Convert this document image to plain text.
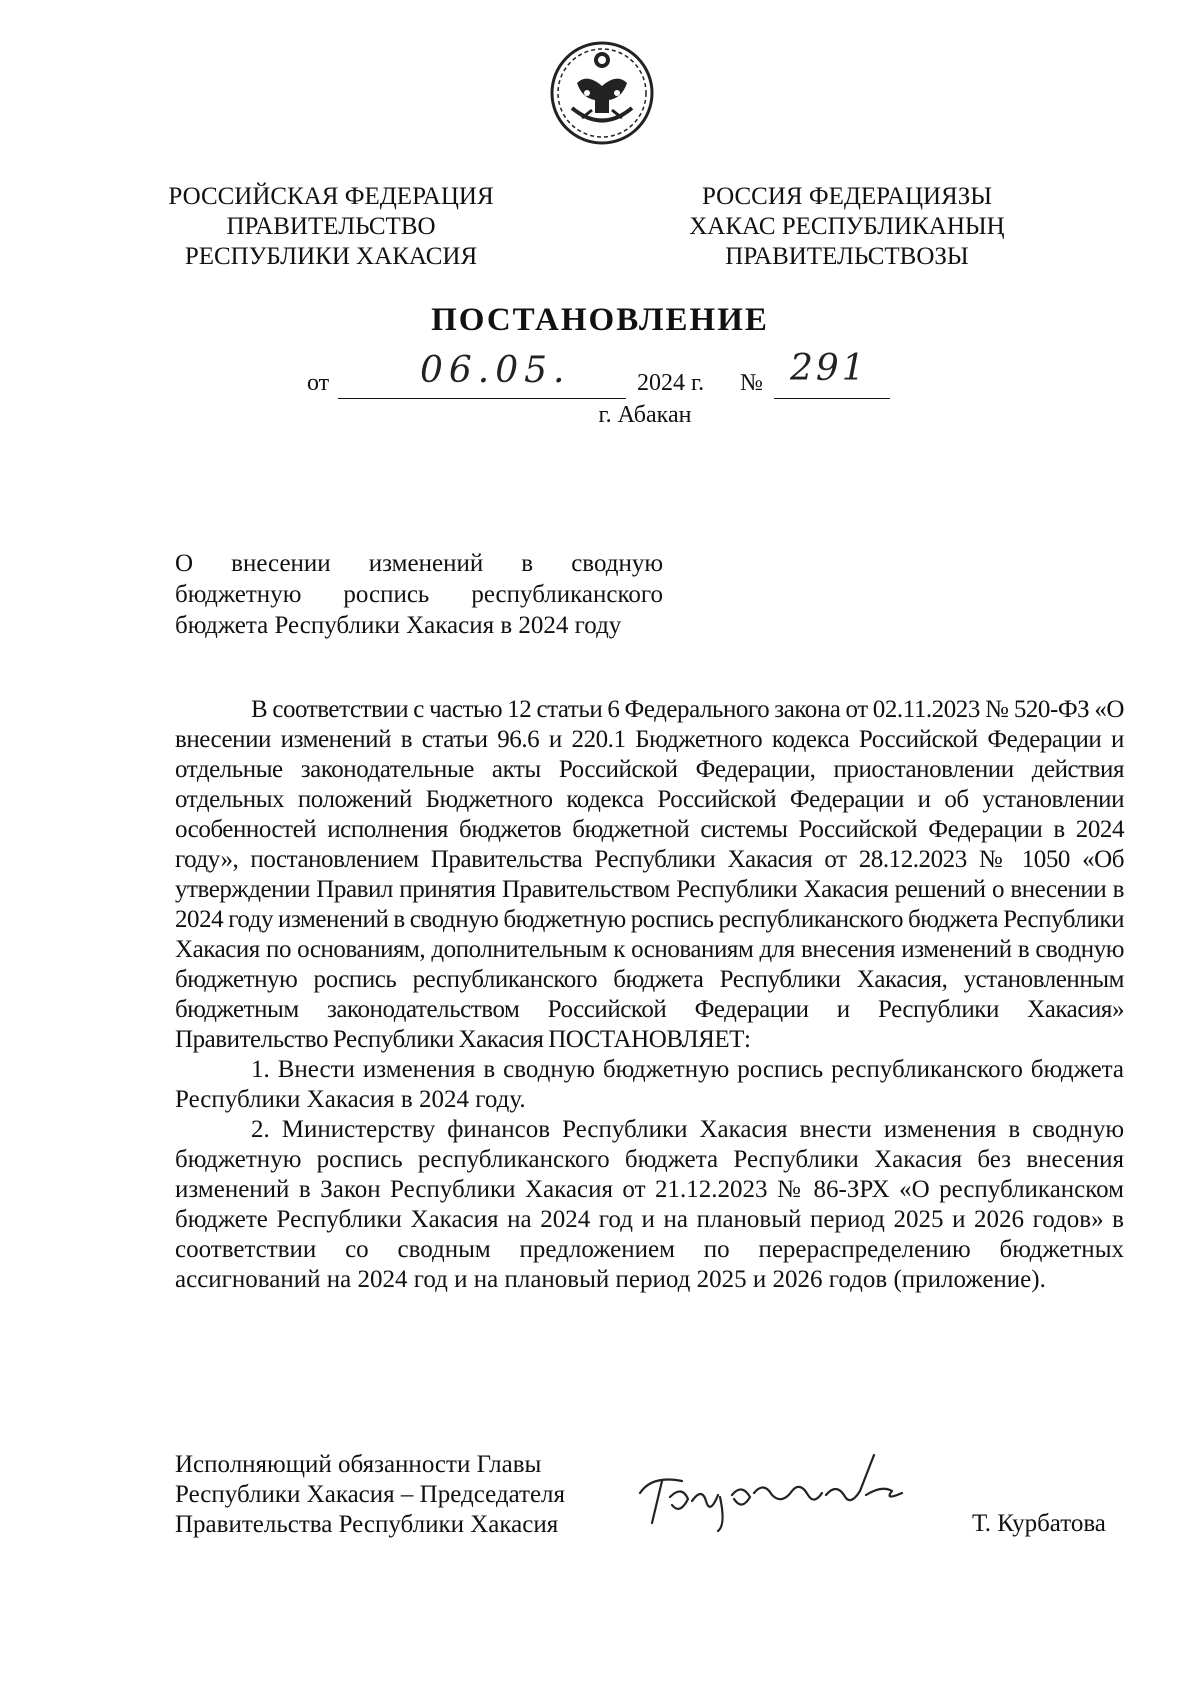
РОССИЙСКАЯ ФЕДЕРАЦИЯ
ПРАВИТЕЛЬСТВО
РЕСПУБЛИКИ ХАКАСИЯ
РОССИЯ ФЕДЕРАЦИЯЗЫ
ХАКАС РЕСПУБЛИКАНЫҢ
ПРАВИТЕЛЬСТВОЗЫ
ПОСТАНОВЛЕНИЕ
от	06.05.	2024 г. № 291
г. Абакан
О внесении изменений в сводную
бюджетную роспись республиканского
бюджета Республики Хакасия в 2024 году

В соответствии с частью 12 статьи 6 Федерального закона от 02.11.2023 № 520-ФЗ «О внесении изменений в статьи 96.6 и 220.1 Бюджетного кодекса Российской Федерации и отдельные законодательные акты Российской Федерации, приостановлении действия отдельных положений Бюджетного кодекса Российской Федерации и об установлении особенностей исполнения бюджетов бюджетной системы Российской Федерации в 2024 году», постановлением Правительства Республики Хакасия от 28.12.2023 № 1050 «Об утверждении Правил принятия Правительством Республики Хакасия решений о внесении в 2024 году изменений в сводную бюджетную роспись республиканского бюджета Республики Хакасия по основаниям, дополнительным к основаниям для внесения изменений в сводную бюджетную роспись республиканского бюджета Республики Хакасия, установленным бюджетным законодательством Российской Федерации и Республики Хакасия» Правительство Республики Хакасия ПОСТАНОВЛЯЕТ:

1. Внести изменения в сводную бюджетную роспись республиканского бюджета Республики Хакасия в 2024 году.

2. Министерству финансов Республики Хакасия внести изменения в сводную бюджетную роспись республиканского бюджета Республики Хакасия без внесения изменений в Закон Республики Хакасия от 21.12.2023 № 86-ЗРХ «О республиканском бюджете Республики Хакасия на 2024 год и на плановый период 2025 и 2026 годов» в соответствии со сводным предложением по перераспределению бюджетных ассигнований на 2024 год и на плановый период 2025 и 2026 годов (приложение).

Исполняющий обязанности Главы
Республики Хакасия – Председателя
Правительства Республики Хакасия	Т. Курбатова
